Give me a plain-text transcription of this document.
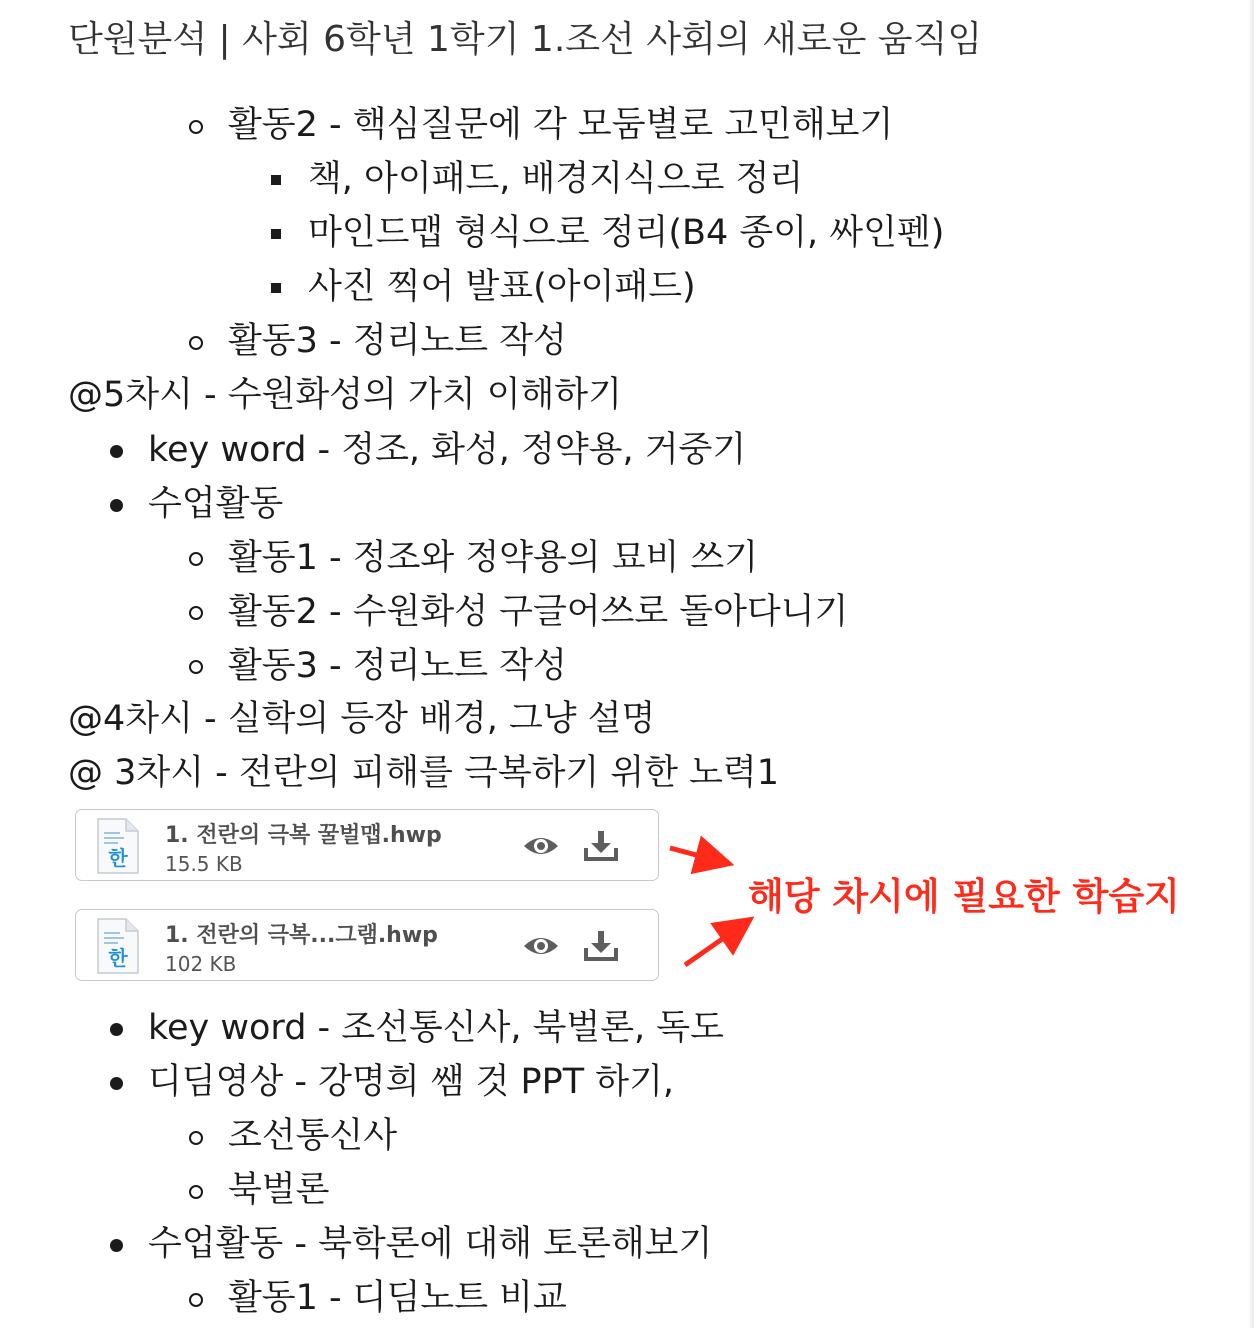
단원분석 | 사회 6학년 1학기 1.조선 사회의 새로운 움직임
활동2 - 핵심질문에 각 모둠별로 고민해보기
책, 아이패드, 배경지식으로 정리
마인드맵 형식으로 정리(B4 종이, 싸인펜)
사진 찍어 발표(아이패드)
활동3 - 정리노트 작성
@5차시 - 수원화성의 가치 이해하기
key word - 정조, 화성, 정약용, 거중기
수업활동
활동1 - 정조와 정약용의 묘비 쓰기
활동2 - 수원화성 구글어쓰로 돌아다니기
활동3 - 정리노트 작성
@4차시 - 실학의 등장 배경, 그냥 설명
@ 3차시 - 전란의 피해를 극복하기 위한 노력1
한
1. 전란의 극복 꿀벌맵.hwp
15.5 KB
한
1. 전란의 극복...그램.hwp
102 KB
해당 차시에 필요한 학습지
key word - 조선통신사, 북벌론, 독도
디딤영상 - 강명희 쌤 것 PPT 하기,
조선통신사
북벌론
수업활동 - 북학론에 대해 토론해보기
활동1 - 디딤노트 비교
